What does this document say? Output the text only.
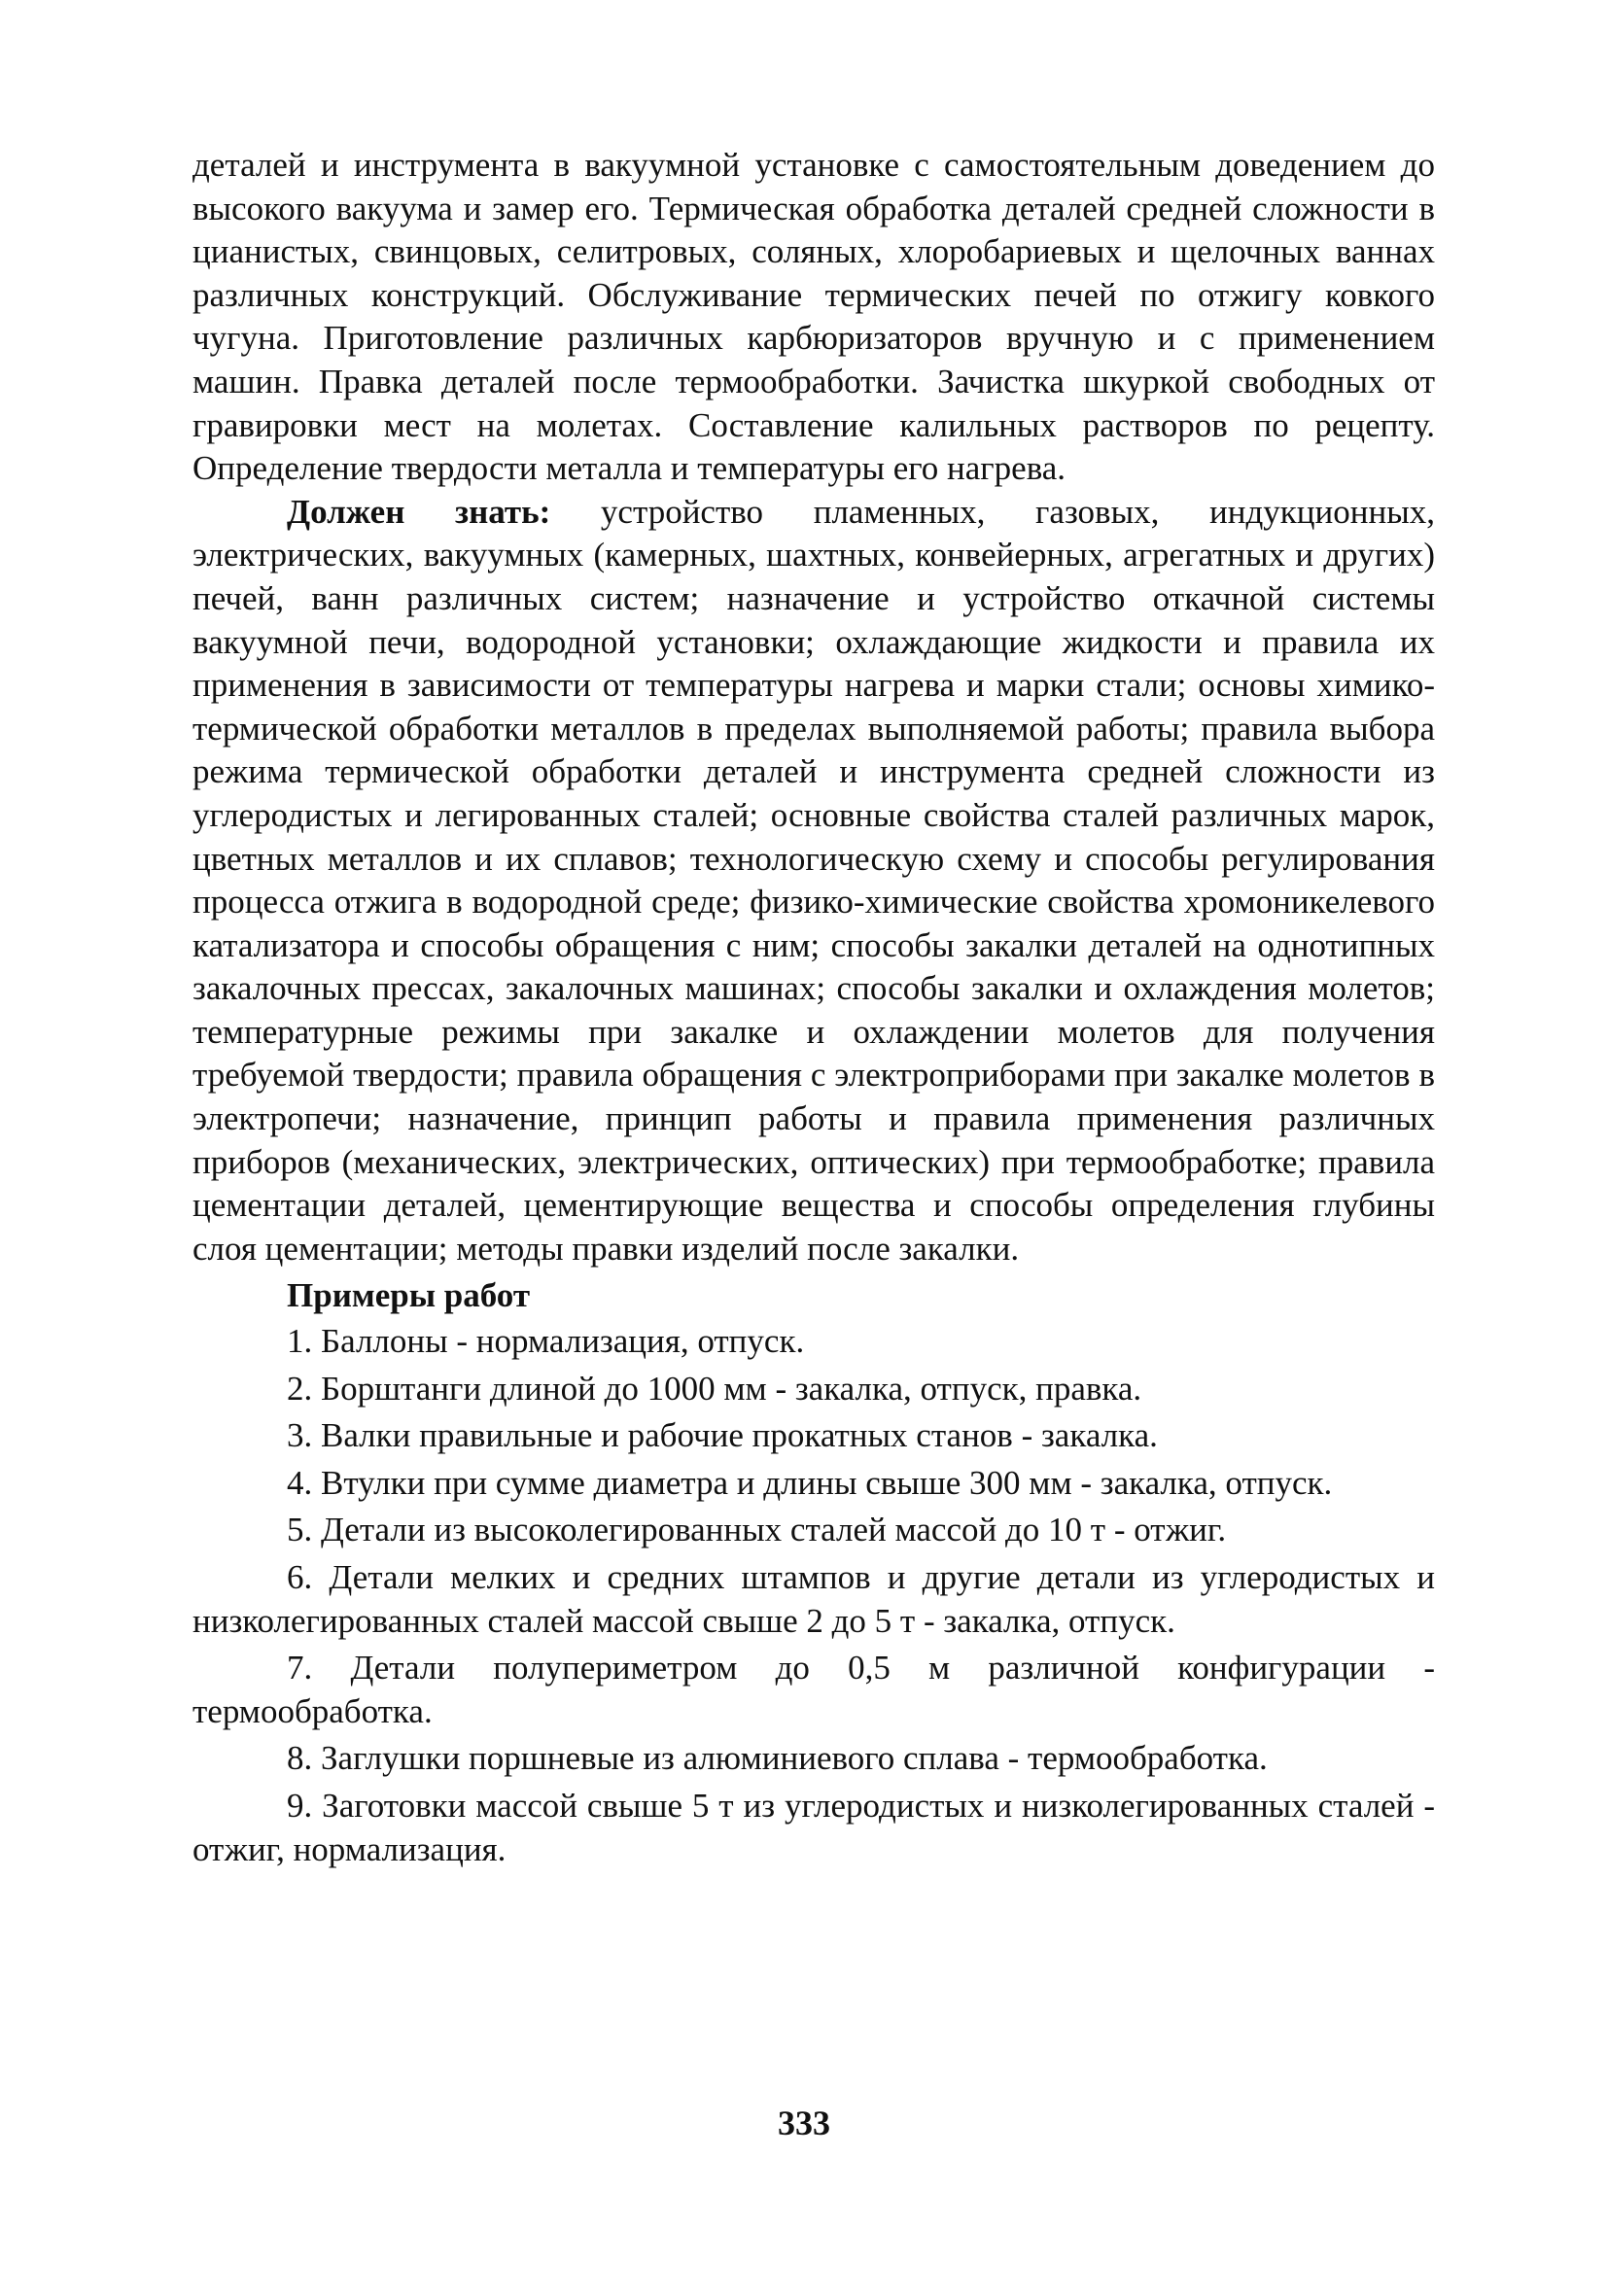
деталей и инструмента в вакуумной установке с самостоятельным доведением до высокого вакуума и замер его. Термическая обработка деталей средней сложности в цианистых, свинцовых, селитровых, соляных, хлоробариевых и щелочных ваннах различных конструкций. Обслуживание термических печей по отжигу ковкого чугуна. Приготовление различных карбюризаторов вручную и с применением машин. Правка деталей после термообработки. Зачистка шкуркой свободных от гравировки мест на молетах. Составление калильных растворов по рецепту. Определение твердости металла и температуры его нагрева.

Должен знать: устройство пламенных, газовых, индукционных, электрических, вакуумных (камерных, шахтных, конвейерных, агрегатных и других) печей, ванн различных систем; назначение и устройство откачной системы вакуумной печи, водородной установки; охлаждающие жидкости и правила их применения в зависимости от температуры нагрева и марки стали; основы химико-термической обработки металлов в пределах выполняемой работы; правила выбора режима термической обработки деталей и инструмента средней сложности из углеродистых и легированных сталей; основные свойства сталей различных марок, цветных металлов и их сплавов; технологическую схему и способы регулирования процесса отжига в водородной среде; физико-химические свойства хромоникелевого катализатора и способы обращения с ним; способы закалки деталей на однотипных закалочных прессах, закалочных машинах; способы закалки и охлаждения молетов; температурные режимы при закалке и охлаждении молетов для получения требуемой твердости; правила обращения с электроприборами при закалке молетов в электропечи; назначение, принцип работы и правила применения различных приборов (механических, электрических, оптических) при термообработке; правила цементации деталей, цементирующие вещества и способы определения глубины слоя цементации; методы правки изделий после закалки.

Примеры работ

1. Баллоны - нормализация, отпуск.

2. Борштанги длиной до 1000 мм - закалка, отпуск, правка.

3. Валки правильные и рабочие прокатных станов - закалка.

4. Втулки при сумме диаметра и длины свыше 300 мм - закалка, отпуск.

5. Детали из высоколегированных сталей массой до 10 т - отжиг.

6. Детали мелких и средних штампов и другие детали из углеродистых и низколегированных сталей массой свыше 2 до 5 т - закалка, отпуск.

7. Детали полупериметром до 0,5 м различной конфигурации - термообработка.

8. Заглушки поршневые из алюминиевого сплава - термообработка.

9. Заготовки массой свыше 5 т из углеродистых и низколегированных сталей - отжиг, нормализация.

333
